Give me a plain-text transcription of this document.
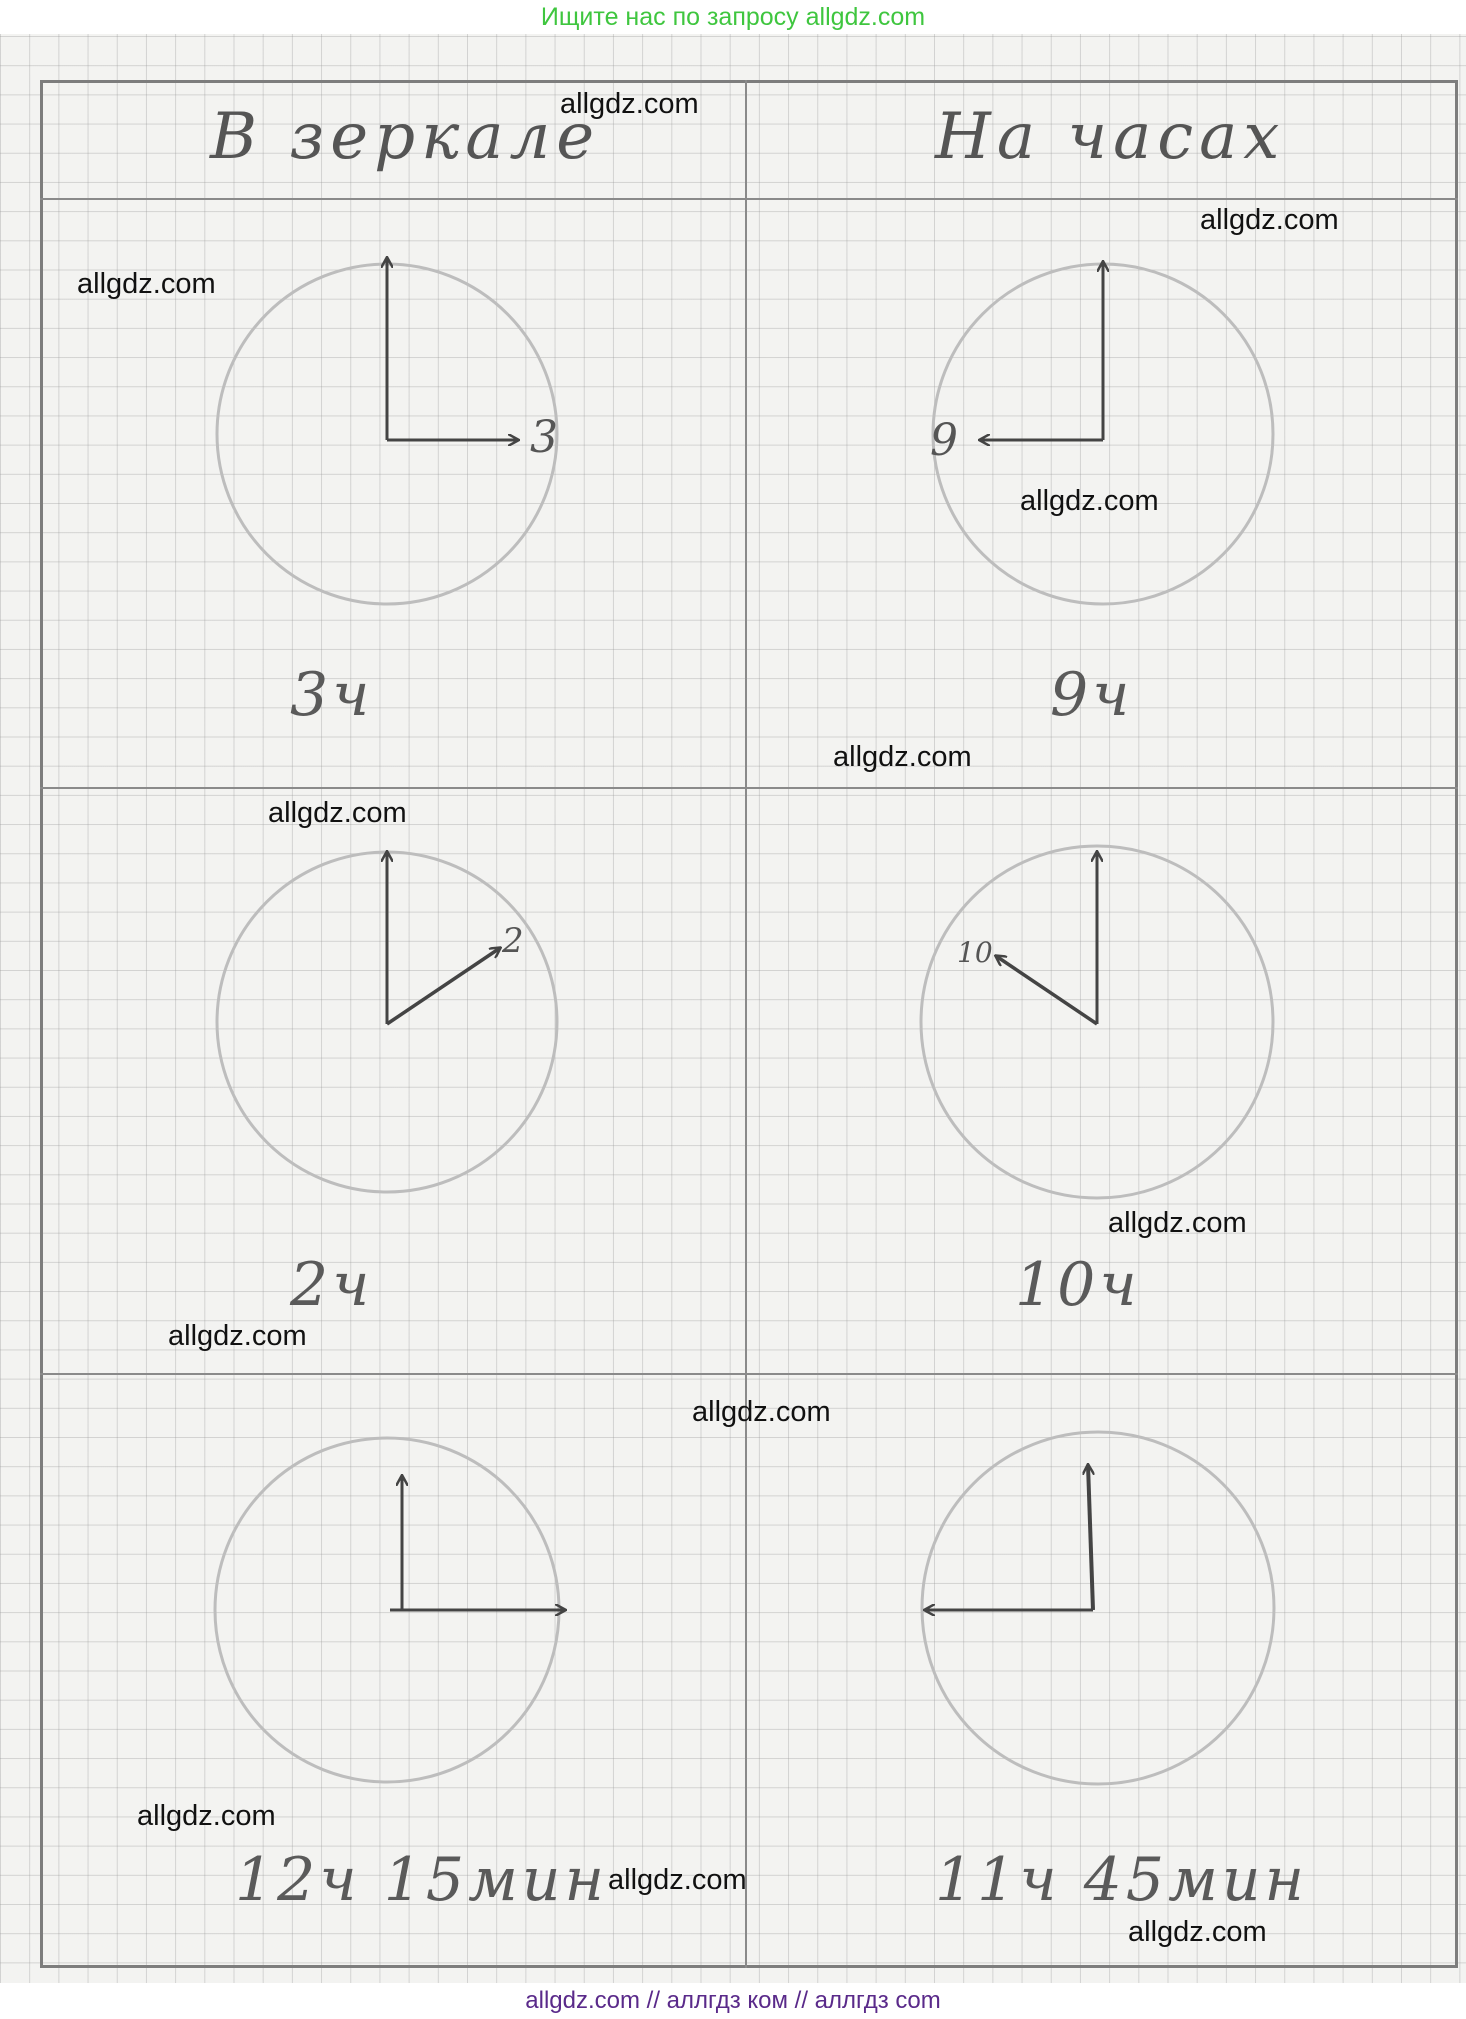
Ищите нас по запросу allgdz.com
В зеркале	На часах
3	9
2	10
3ч	9ч
2ч	10ч
12ч 15мин	11ч 45мин
allgdz.com
allgdz.com
allgdz.com
allgdz.com
allgdz.com
allgdz.com
allgdz.com
allgdz.com
allgdz.com
allgdz.com
allgdz.com
allgdz.com
allgdz.com // аллгдз ком // аллгдз com
